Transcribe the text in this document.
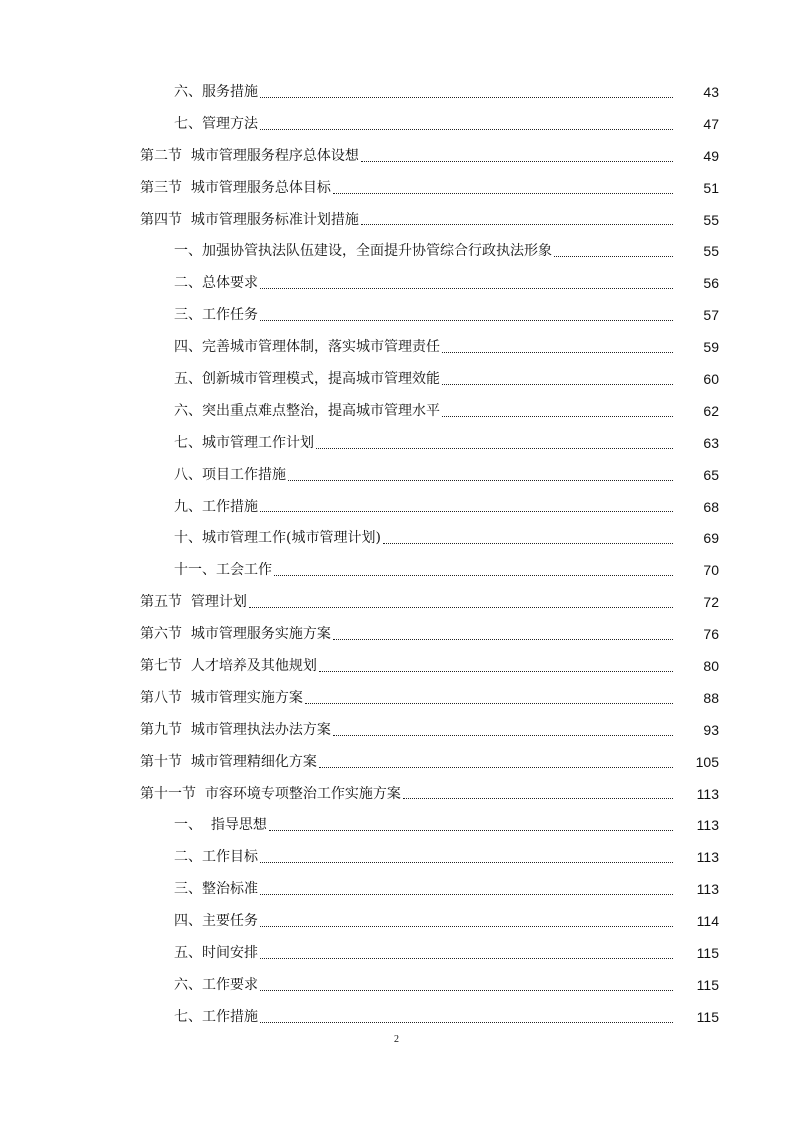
六、服务措施	43
七、管理方法	47
第二节  城市管理服务程序总体设想	49
第三节  城市管理服务总体目标	51
第四节  城市管理服务标准计划措施	55
一、加强协管执法队伍建设，全面提升协管综合行政执法形象	55
二、总体要求	56
三、工作任务	57
四、完善城市管理体制，落实城市管理责任	59
五、创新城市管理模式，提高城市管理效能	60
六、突出重点难点整治，提高城市管理水平	62
七、城市管理工作计划	63
八、项目工作措施	65
九、工作措施	68
十、城市管理工作(城市管理计划)	69
十一、工会工作	70
第五节  管理计划	72
第六节  城市管理服务实施方案	76
第七节  人才培养及其他规划	80
第八节  城市管理实施方案	88
第九节  城市管理执法办法方案	93
第十节  城市管理精细化方案	105
第十一节  市容环境专项整治工作实施方案	113
一、  指导思想	113
二、工作目标	113
三、整治标准	113
四、主要任务	114
五、时间安排	115
六、工作要求	115
七、工作措施	115
2
